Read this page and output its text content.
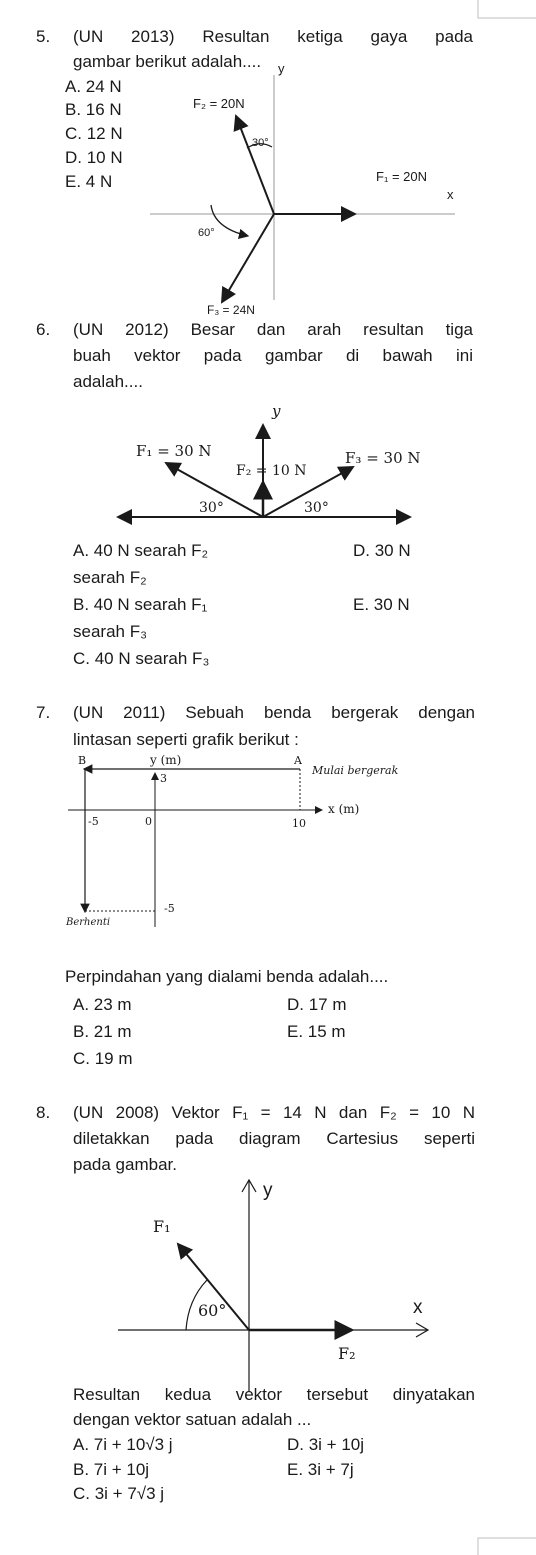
5. (UN 2013) Resultan ketiga gaya pada
gambar berikut adalah....
A. 24 N
B. 16 N
C. 12 N
D. 10 N
E. 4 N
y
F₂ = 20N
30°
F₁ = 20N
x
60°
F₃ = 24N
6. (UN 2012) Besar dan arah resultan tiga
buah vektor pada gambar di bawah ini
adalah....
y
F₁ = 30 N
F₂ = 10 N
F₃ = 30 N
30°	30°
A. 40 N searah F₂	D. 30 N
searah F₂
B. 40 N searah F₁	E. 30 N
searah F₃
C. 40 N searah F₃
7. (UN 2011) Sebuah benda bergerak dengan
lintasan seperti grafik berikut :
y (m)
B	A
3
Mulai bergerak
x (m)
-5	0	10
-5
Berhenti
Perpindahan yang dialami benda adalah....
A. 23 m	D. 17 m
B. 21 m	E. 15 m
C. 19 m
8. (UN 2008) Vektor F₁ = 14 N dan F₂ = 10 N
diletakkan pada diagram Cartesius seperti
pada gambar.
y
F₁
60°	x
F₂
Resultan kedua vektor tersebut dinyatakan
dengan vektor satuan adalah ...
A. 7i + 10√3 j	D. 3i + 10j
B. 7i + 10j	E. 3i + 7j
C. 3i + 7√3 j
